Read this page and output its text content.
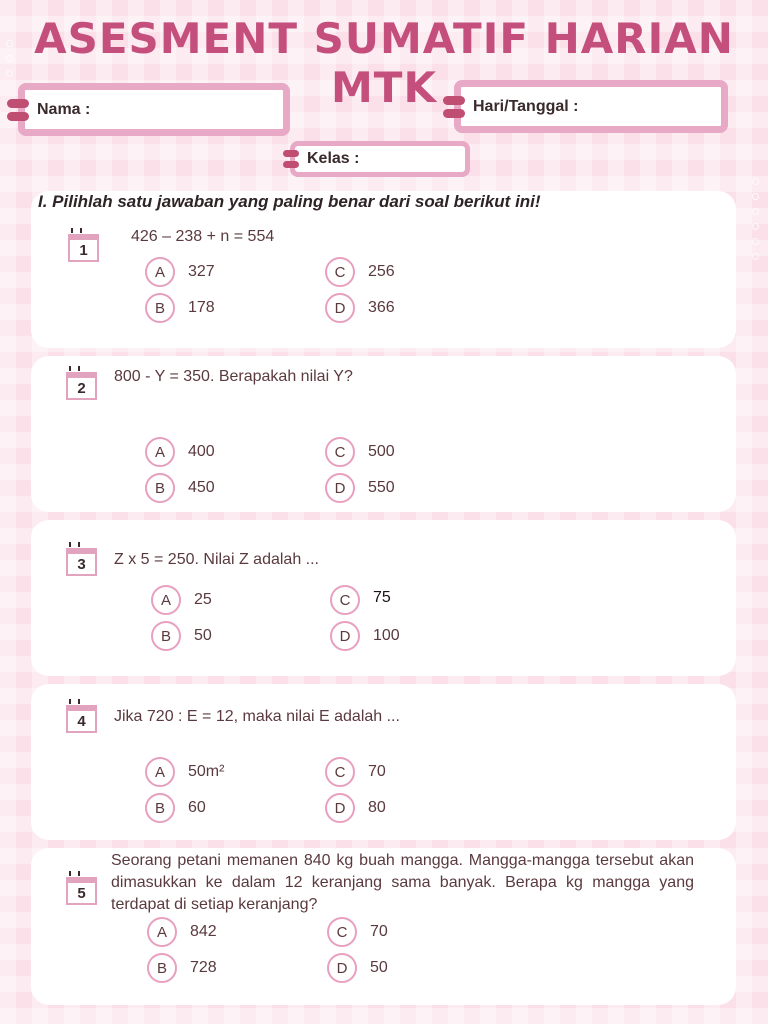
ASESMENT SUMATIF HARIAN MTK
Nama :	Hari/Tanggal :
Kelas :
I. Pilihlah satu jawaban yang paling benar dari soal berikut ini!
1
426 – 238 + n = 554
A	327
B	178
C	256
D	366
2
800 - Y = 350. Berapakah nilai Y?
A	400
B	450
C	500
D	550
3	Z x 5 = 250. Nilai Z adalah ...
A	25
B	50
C	75
D	100
4	Jika 720 : E = 12, maka nilai E adalah ...
A	50m²
B	60
C	70
D	80
5
Seorang petani memanen 840 kg buah mangga. Mangga-mangga tersebut akan dimasukkan ke dalam 12 keranjang sama banyak. Berapa kg mangga yang terdapat di setiap keranjang?
A	842
B	728
C	70
D	50
